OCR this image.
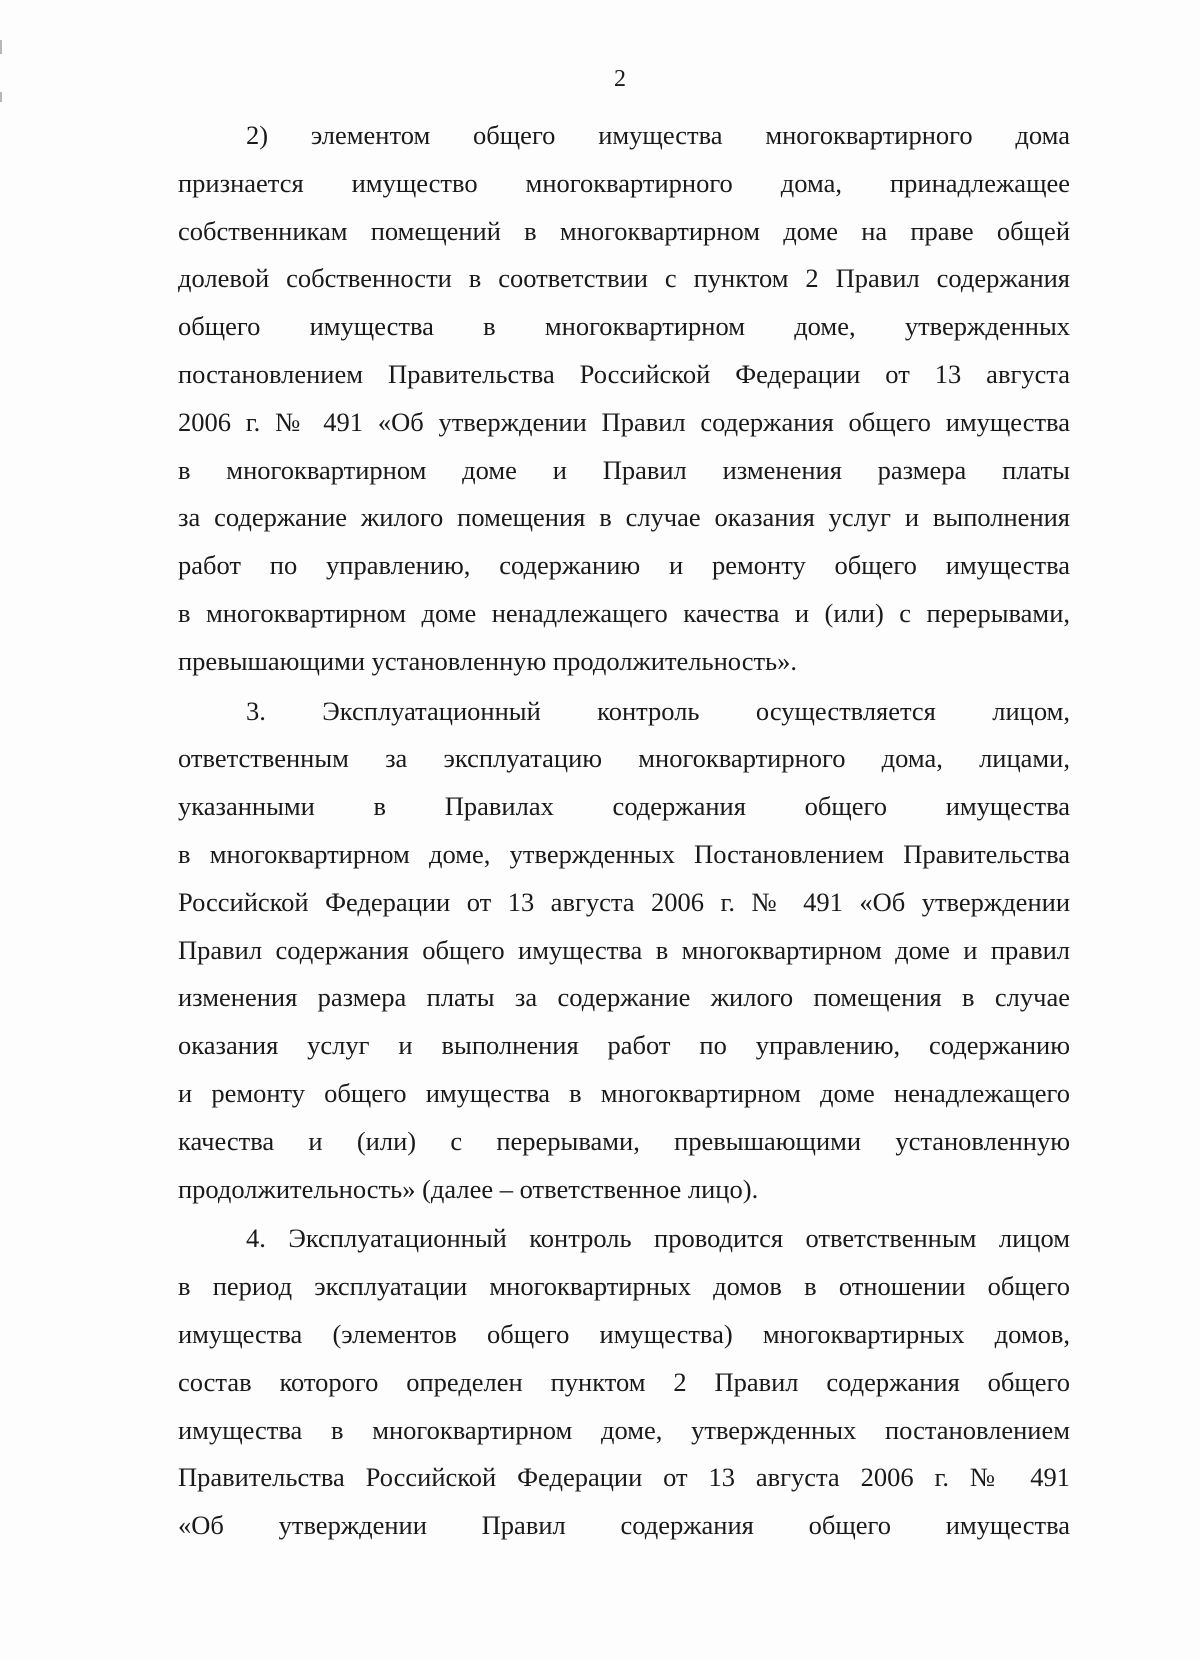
2

2) элементом общего имущества многоквартирного дома
признается имущество многоквартирного дома, принадлежащее
собственникам помещений в многоквартирном доме на праве общей
долевой собственности в соответствии с пунктом 2 Правил содержания
общего имущества в многоквартирном доме, утвержденных
постановлением Правительства Российской Федерации от 13 августа
2006 г. № 491 «Об утверждении Правил содержания общего имущества
в многоквартирном доме и Правил изменения размера платы
за содержание жилого помещения в случае оказания услуг и выполнения
работ по управлению, содержанию и ремонту общего имущества
в многоквартирном доме ненадлежащего качества и (или) с перерывами,
превышающими установленную продолжительность».

3. Эксплуатационный контроль осуществляется лицом,
ответственным за эксплуатацию многоквартирного дома, лицами,
указанными в Правилах содержания общего имущества
в многоквартирном доме, утвержденных Постановлением Правительства
Российской Федерации от 13 августа 2006 г. № 491 «Об утверждении
Правил содержания общего имущества в многоквартирном доме и правил
изменения размера платы за содержание жилого помещения в случае
оказания услуг и выполнения работ по управлению, содержанию
и ремонту общего имущества в многоквартирном доме ненадлежащего
качества и (или) с перерывами, превышающими установленную
продолжительность» (далее – ответственное лицо).

4. Эксплуатационный контроль проводится ответственным лицом
в период эксплуатации многоквартирных домов в отношении общего
имущества (элементов общего имущества) многоквартирных домов,
состав которого определен пунктом 2 Правил содержания общего
имущества в многоквартирном доме, утвержденных постановлением
Правительства Российской Федерации от 13 августа 2006 г. № 491
«Об утверждении Правил содержания общего имущества
